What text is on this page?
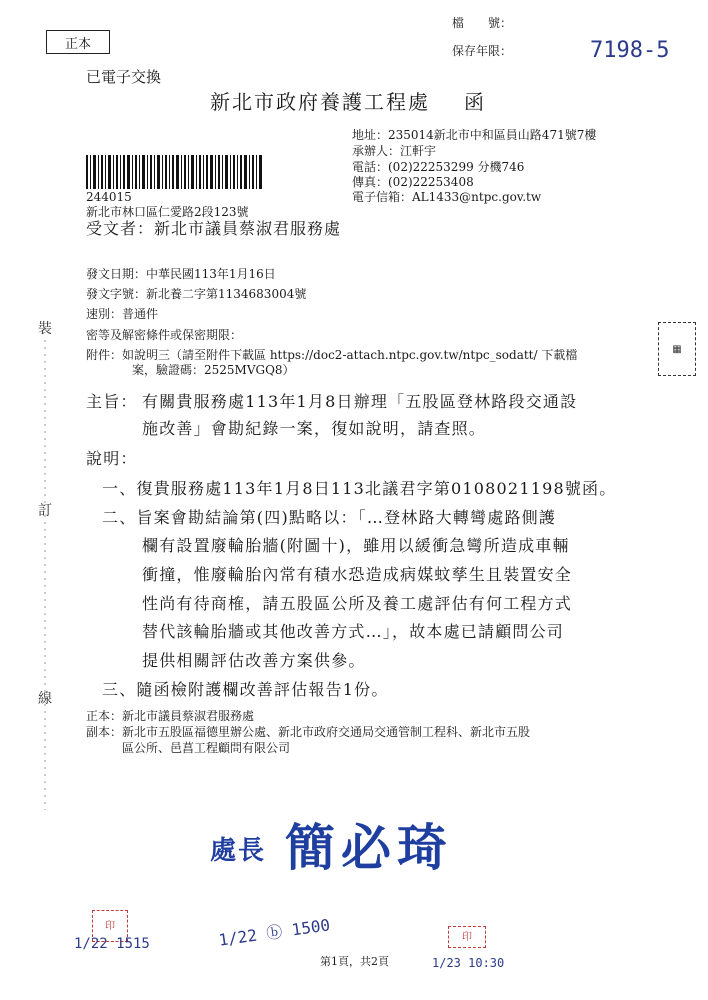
正本
檔　　號：
保存年限：	7198-5
已電子交換
新北市政府養護工程處 函
地址：235014新北市中和區員山路471號7樓
承辦人：江軒宇
電話：(02)22253299 分機746
傳真：(02)22253408
電子信箱：AL1433@ntpc.gov.tw
244015
新北市林口區仁愛路2段123號
受文者：新北市議員蔡淑君服務處
發文日期：中華民國113年1月16日
發文字號：新北養二字第1134683004號
速別：普通件
密等及解密條件或保密期限：
附件：如說明三（請至附件下載區 https://doc2-attach.ntpc.gov.tw/ntpc_sodatt/ 下載檔
案，驗證碼：2525MVGQ8）
主旨： 有關貴服務處113年1月8日辦理「五股區登林路段交通設
施改善」會勘紀錄一案，復如說明，請查照。
說明：
一、復貴服務處113年1月8日113北議君字第0108021198號函。
二、旨案會勘結論第(四)點略以：「…登林路大轉彎處路側護
欄有設置廢輪胎牆(附圖十)，雖用以緩衝急彎所造成車輛
衝撞，惟廢輪胎內常有積水恐造成病媒蚊孳生且裝置安全
性尚有待商榷，請五股區公所及養工處評估有何工程方式
替代該輪胎牆或其他改善方式…」，故本處已請顧問公司
提供相關評估改善方案供參。
三、隨函檢附護欄改善評估報告1份。
正本：新北市議員蔡淑君服務處
副本：新北市五股區福德里辦公處、新北市政府交通局交通管制工程科、新北市五股
區公所、邑菖工程顧問有限公司
裝
訂
線
▦
處長 簡必琦
印
1/22 1515	1/22 ⓑ 1500
第1頁，共2頁
印
1/23 10:30
